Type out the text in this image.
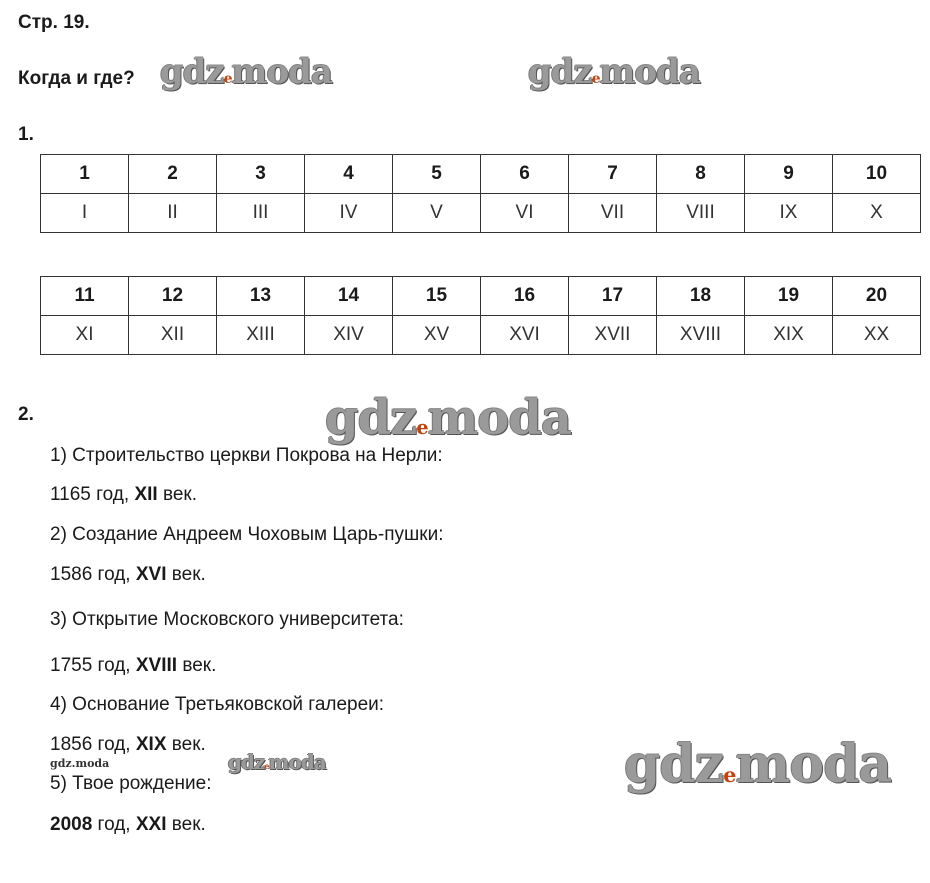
Стр. 19.
Когда и где? gdzеmoda	gdzеmoda
gdzеmoda
gdzеmoda
gdzеmoda
gdz.moda
1.
1	2	3	4	5	6	7	8	9	10
I	II	III	IV	V	VI	VII	VIII	IX	X
11	12	13	14	15	16	17	18	19	20
XI	XII	XIII	XIV	XV	XVI	XVII	XVIII	XIX	XX
2.
1) Строительство церкви Покрова на Нерли:
1165 год, XII век.
2) Создание Андреем Чоховым Царь-пушки:
1586 год, XVI век.
3) Открытие Московского университета:
1755 год, XVIII век.
4) Основание Третьяковской галереи:
1856 год, XIX век.
5) Твое рождение:
2008 год, XXI век.
